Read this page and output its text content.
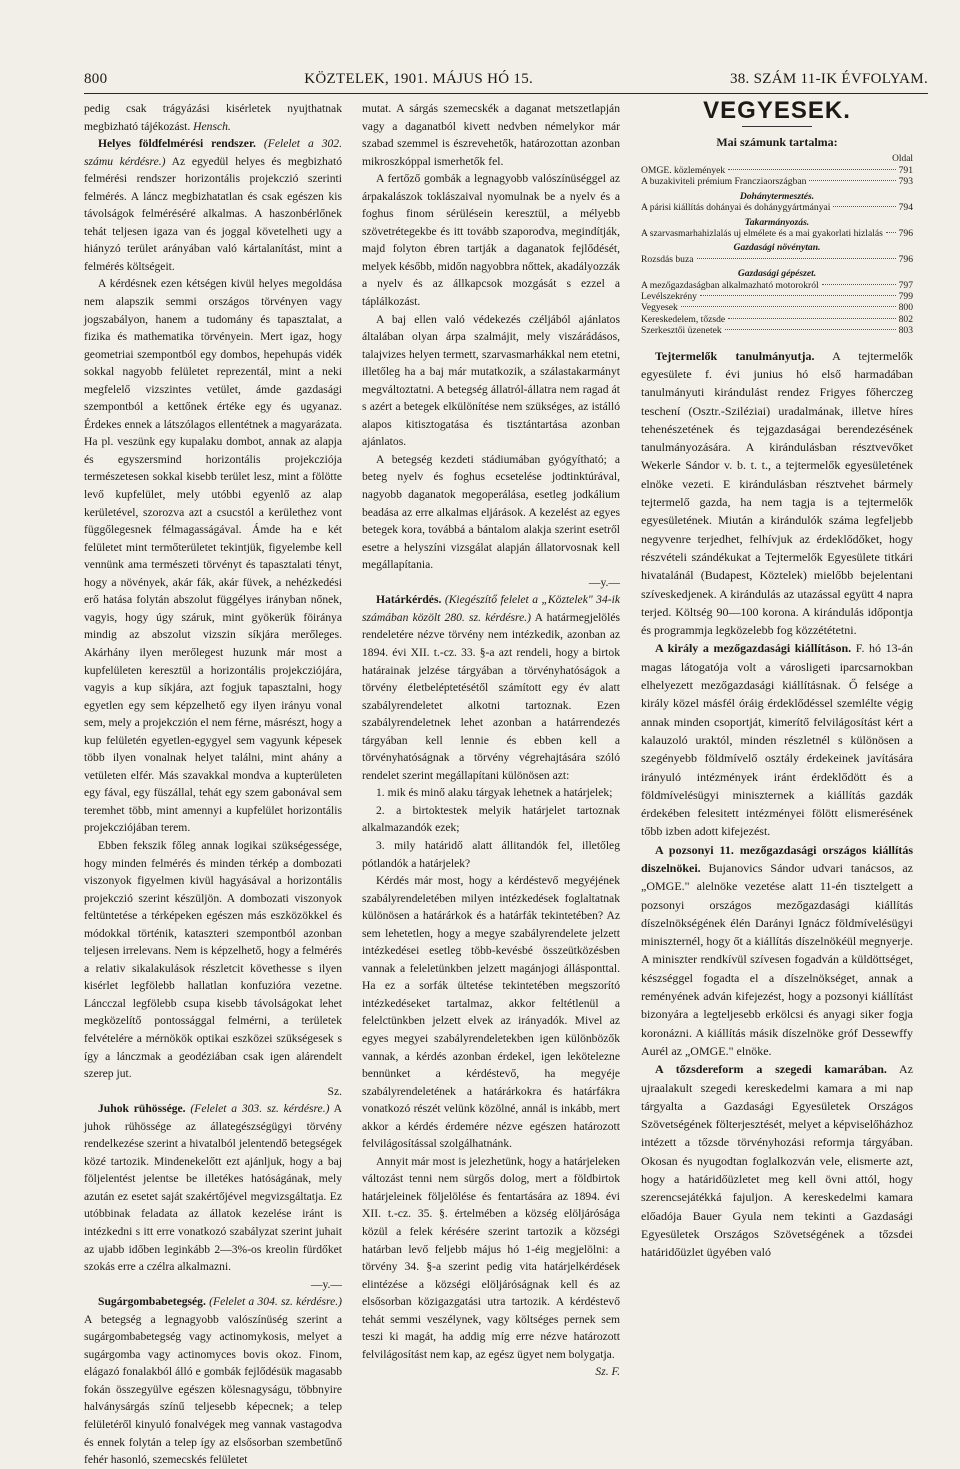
800	KÖZTELEK, 1901. MÁJUS HÓ 15.	38. SZÁM 11-IK ÉVFOLYAM.

pedig csak trágyázási kisérletek nyujthatnak megbizható tájékozást. Hensch.

Helyes földfelmérési rendszer. (Felelet a 302. számu kérdésre.) Az egyedül helyes és megbizható felmérési rendszer horizontális projekczió szerinti felmérés. A láncz megbizhatatlan és csak egészen kis távolságok felméréséré alkalmas. A haszonbérlőnek tehát teljesen igaza van és joggal követelheti ugy a hiányzó terület arányában való kártalanítást, mint a felmérés költségeit.

A kérdésnek ezen kétségen kivül helyes megoldása nem alapszik semmi országos törvényen vagy jogszabályon, hanem a tudomány és tapasztalat, a fizika és mathematika törvényein. Mert igaz, hogy geometriai szempontból egy dombos, hepehupás vidék sokkal nagyobb felületet reprezentál, mint a neki megfelelő vizszintes vetület, ámde gazdasági szempontból a kettőnek értéke egy és ugyanaz. Érdekes ennek a látszólagos ellentétnek a magyarázata. Ha pl. veszünk egy kupalaku dombot, annak az alapja és egyszersmind horizontális projekcziója természetesen sokkal kisebb terület lesz, mint a fölötte levő kupfelület, mely utóbbi egyenlő az alap kerületével, szorozva azt a csucstól a kerülethez vont függőlegesnek félmagasságával. Ámde ha e két felületet mint termőterületet tekintjük, figyelembe kell vennünk ama természeti törvényt és tapasztalati tényt, hogy a növények, akár fák, akár füvek, a nehézkedési erő hatása folytán abszolut függélyes irányban nőnek, vagyis, hogy úgy száruk, mint gyökerük föiránya mindig az abszolut vizszin síkjára merőleges. Akárhány ilyen merőlegest huzunk már most a kupfelületen keresztül a horizontális projekcziójára, vagyis a kup síkjára, azt fogjuk tapasztalni, hogy egyetlen egy sem képzelhető egy ilyen irányu vonal sem, mely a projekczión el nem férne, másrészt, hogy a kup felületén egyetlen-egygyel sem vagyunk képesek több ilyen vonalnak helyet találni, mint ahány a vetületen elfér. Más szavakkal mondva a kupterületen egy fával, egy füszállal, tehát egy szem gabonával sem teremhet több, mint amennyi a kupfelület horizontális projekcziójában terem.

Ebben fekszik főleg annak logikai szükségessége, hogy minden felmérés és minden térkép a dombozati viszonyok figyelmen kivül hagyásával a horizontális projekczió szerint készüljön. A dombozati viszonyok feltüntetése a térképeken egészen más eszközökkel és módokkal történik, kataszteri szempontból azonban teljesen irrelevans. Nem is képzelhető, hogy a felmérés a relativ sikalakulások részletcit követhesse s ilyen kisérlet legfölebb hallatlan konfuzióra vezetne. Láncczal legfölebb csupa kisebb távolságokat lehet megközelítő pontossággal felmérni, a területek felvételére a mérnökök optikai eszközei szükségesek s így a lánczmak a geodéziában csak igen alárendelt szerep jut.

Sz.

Juhok rühössége. (Felelet a 303. sz. kérdésre.) A juhok rühössége az állategészségügyi törvény rendelkezése szerint a hivatalból jelentendő betegségek közé tartozik. Mindenekelőtt ezt ajánljuk, hogy a baj följelentést jelentse be illetékes hatóságának, mely azután ez esetet saját szakértőjével megvizsgáltatja. Ez utóbbinak feladata az állatok kezelése iránt is intézkedni s itt erre vonatkozó szabályzat szerint juhait az ujabb időben leginkább 2—3%-os kreolin fürdőket szokás erre a czélra alkalmazni.

—y.—

Sugárgombabetegség. (Felelet a 304. sz. kérdésre.) A betegség a legnagyobb valószínüség szerint a sugárgombabetegség vagy actinomykosis, melyet a sugárgomba vagy actinomyces bovis okoz. Finom, elágazó fonalakból álló e gombák fejlődésük magasabb fokán összegyülve egészen kölesnagyságu, többnyire halványsárgás színű teljesebb képecnek; a telep felületéről kinyuló fonalvégek meg vannak vastagodva és ennek folytán a telep így az elsősorban szembetűnő fehér hasonló, szemecskés felületet

mutat. A sárgás szemecskék a daganat metszetlapján vagy a daganatból kivett nedvben némelykor már szabad szemmel is észrevehetők, határozottan azonban mikroszkóppal ismerhetők fel.

A fertőző gombák a legnagyobb valószínüséggel az árpakalászok toklászaival nyomulnak be a nyelv és a foghus finom sérülésein keresztül, a mélyebb szövetrétegekbe és itt tovább szaporodva, megindítják, majd folyton ébren tartják a daganatok fejlődését, melyek később, midőn nagyobbra nőttek, akadályozzák a nyelv és az állkapcsok mozgását s ezzel a táplálkozást.

A baj ellen való védekezés czéljából ajánlatos általában olyan árpa szalmájit, mely viszárádásos, talajvizes helyen termett, szarvasmarhákkal nem etetni, illetőleg ha a baj már mutatkozik, a szálastakarmányt megváltoztatni. A betegség állatról-állatra nem ragad át s azért a betegek elkülönítése nem szükséges, az istálló alapos kitisztogatása és tisztántartása azonban ajánlatos.

A betegség kezdeti stádiumában gyógyítható; a beteg nyelv és foghus ecsetelése jodtinktúrával, nagyobb daganatok megoperálása, esetleg jodkálium beadása az erre alkalmas eljárások. A kezelést az egyes betegek kora, továbbá a bántalom alakja szerint esetről esetre a helyszíni vizsgálat alapján állatorvosnak kell megállapítania.

—y.—

Határkérdés. (Kiegészítő felelet a „Köztelek" 34-ik számában közölt 280. sz. kérdésre.) A határmegjelölés rendeletére nézve törvény nem intézkedik, azonban az 1894. évi XII. t.-cz. 33. §-a azt rendeli, hogy a birtok határainak jelzése tárgyában a törvényhatóságok a törvény életbeléptetésétől számított egy év alatt szabályrendeletet alkotni tartoznak. Ezen szabályrendeletnek lehet azonban a határrendezés tárgyában kell lennie és ebben kell a törvényhatóságnak a törvény végrehajtására szóló rendelet szerint megállapítani különösen azt:

1. mik és minő alaku tárgyak lehetnek a határjelek;

2. a birtoktestek melyik határjelet tartoznak alkalmazandók ezek;

3. mily határidő alatt állitandók fel, illetőleg pótlandók a határjelek?

Kérdés már most, hogy a kérdéstevő megyéjének szabályrendeletében milyen intézkedések foglaltatnak különösen a határárkok és a határfák tekintetében? Az sem lehetetlen, hogy a megye szabályrendelete jelzett intézkedései esetleg több-kevésbé összeütközésben vannak a feleletünkben jelzett magánjogi állásponttal. Ha ez a sorfák ültetése tekintetében megszorító intézkedéseket tartalmaz, akkor feltétlenül a felelctünkben jelzett elvek az irányadók. Mivel az egyes megyei szabályrendeletekben igen különbözők vannak, a kérdés azonban érdekel, igen lekötelezne bennünket a kérdéstevő, ha megyéje szabályrendeletének a határárkokra és határfákra vonatkozó részét velünk közölné, annál is inkább, mert akkor a kérdés érdemére nézve egészen határozott felvilágosítással szolgálhatnánk.

Annyit már most is jelezhetünk, hogy a határjeleken változást tenni nem sürgős dolog, mert a földbirtok határjeleinek följelölése és fentartására az 1894. évi XII. t.-cz. 35. §. értelmében a község elöljárósága közül a felek kérésére szerint tartozik a községi határban levő feljebb május hó 1-éig megjelölni: a törvény 34. §-a szerint pedig vita határjelkérdések elintézése a községi elöljáróságnak kell és az elsősorban közigazgatási utra tartozik. A kérdéstevő tehát semmi veszélynek, vagy költséges pernek sem teszi ki magát, ha addig míg erre nézve határozott felvilágosítást nem kap, az egész ügyet nem bolygatja.

Sz. F.

VEGYESEK.
Mai számunk tartalma:
Oldal
OMGE. közlemények	791
A buzakiviteli prémium Francziaországban	793
Dohánytermesztés.
A párisi kiállítás dohányai és dohánygyártmányai	794
Takarmányozás.
A szarvasmarhahizlalás uj elmélete és a mai gyakorlati hizlalás 796
Gazdasági növénytan.
Rozsdás buza	796
Gazdasági gépészet.
A mezőgazdaságban alkalmazható motorokról	797
Levélszekrény	799
Vegyesek	800
Kereskedelem, tőzsde	802
Szerkesztői üzenetek	803

Tejtermelők tanulmányutja. A tejtermelők egyesülete f. évi junius hó első harmadában tanulmányuti kirándulást rendez Frigyes főherczeg teschení (Osztr.-Sziléziai) uradalmának, illetve híres tehenészetének és tejgazdaságai berendezésének tanulmányozására. A kirándulásban résztvevőket Wekerle Sándor v. b. t. t., a tejtermelők egyesületének elnöke vezeti. E kirándulásban résztvehet bármely tejtermelő gazda, ha nem tagja is a tejtermelők egyesületének. Miután a kirándulók száma legfeljebb negyvenre terjedhet, felhívjuk az érdeklődőket, hogy részvételi szándékukat a Tejtermelők Egyesülete titkári hivatalánál (Budapest, Köztelek) mielőbb bejelentani szíveskedjenek. A kirándulás az utazással együtt 4 napra terjed. Költség 90—100 korona. A kirándulás időpontja és programmja legközelebb fog közzététetni.

A király a mezőgazdasági kiállításon. F. hó 13-án magas látogatója volt a városligeti iparcsarnokban elhelyezett mezőgazdasági kiállításnak. Ő felsége a király közel másfél óráig érdeklődéssel szemlélte végig annak minden csoportját, kimerítő felvilágosítást kért a kalauzoló uraktól, minden részletnél s különösen a szegényebb földmívelő osztály érdekeinek javítására irányuló intézmények iránt érdeklődött és a földmívelésügyi miniszternek a kiállítás gazdák érdekében felesitett intézményei fölött elismerésének tőbb izben adott kifejezést.

A pozsonyi 11. mezőgazdasági országos kiállítás diszelnökei. Bujanovics Sándor udvari tanácsos, az „OMGE." alelnöke vezetése alatt 11-én tisztelgett a pozsonyi országos mezőgazdasági kiállítás díszelnökségének élén Darányi Ignácz földmívelésügyi miniszternél, hogy őt a kiállítás díszelnökéül megnyerje. A miniszter rendkívül szívesen fogadván a küldöttséget, készséggel fogadta el a díszelnökséget, annak a reményének adván kifejezést, hogy a pozsonyi kiállítást bizonyára a legteljesebb erkölcsi és anyagi siker fogja koronázni. A kiállítás másik díszelnöke gróf Dessewffy Aurél az „OMGE." elnöke.

A tőzsdereform a szegedi kamarában. Az ujraalakult szegedi kereskedelmi kamara a mi nap tárgyalta a Gazdasági Egyesületek Országos Szövetségének fölterjesztését, melyet a képviselőházhoz intézett a tőzsde törvényhozási reformja tárgyában. Okosan és nyugodtan foglalkozván vele, elismerte azt, hogy a határidőüzletet meg kell övni attól, hogy szerencsejátékká fajuljon. A kereskedelmi kamara előadója Bauer Gyula nem tekinti a Gazdasági Egyesületek Országos Szövetségének a tőzsdei határidőüzlet ügyében való
